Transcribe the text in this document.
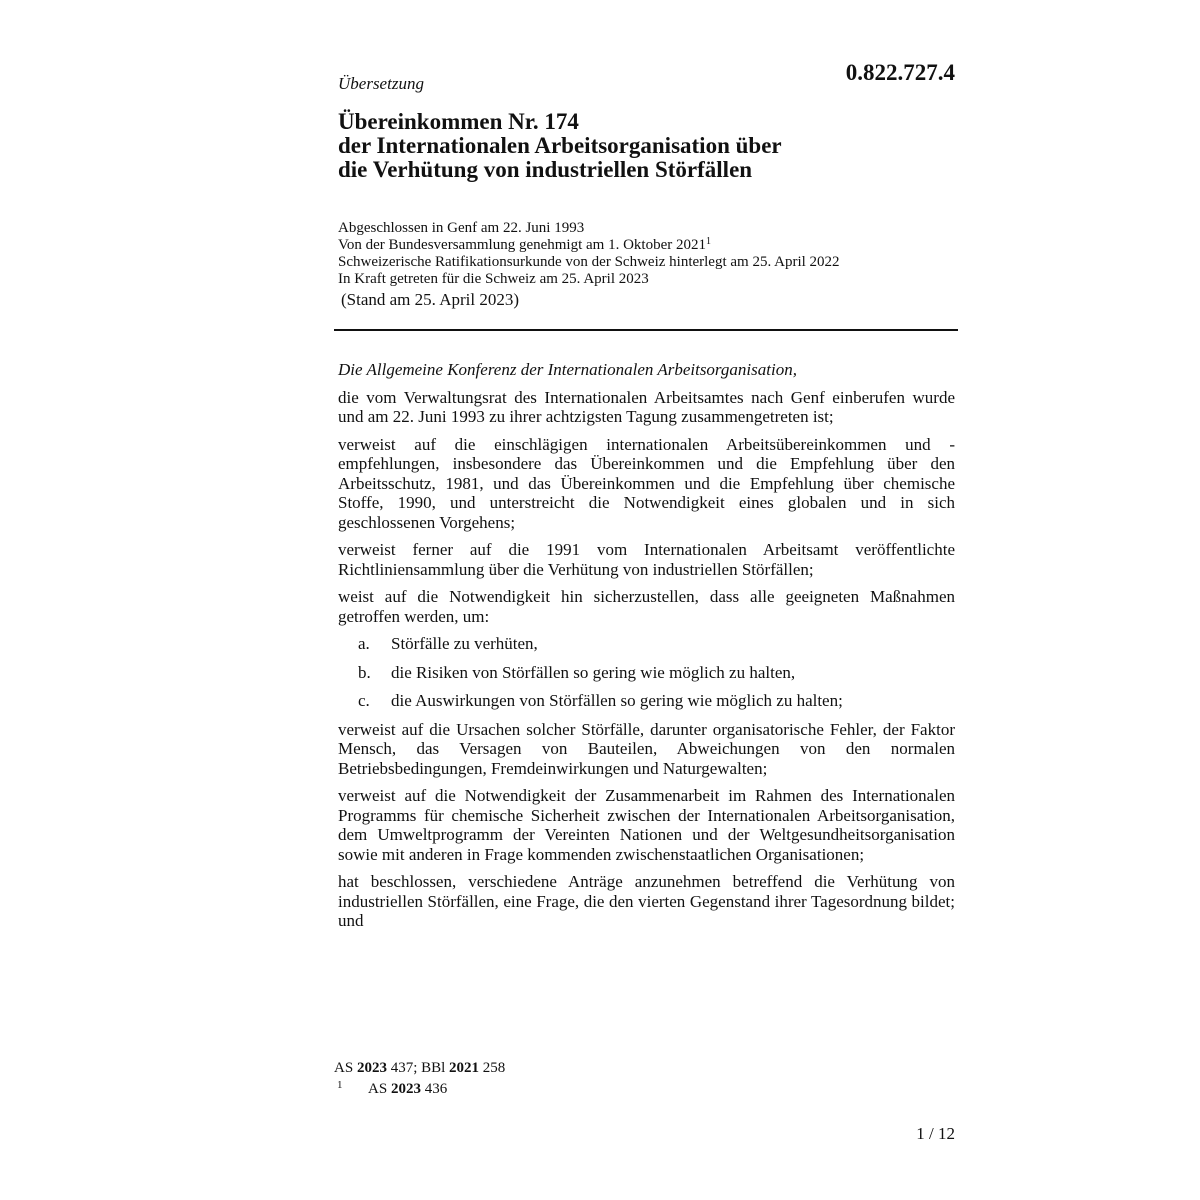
Übersetzung	0.822.727.4
Übereinkommen Nr. 174
der Internationalen Arbeitsorganisation über
die Verhütung von industriellen Störfällen
Abgeschlossen in Genf am 22. Juni 1993
Von der Bundesversammlung genehmigt am 1. Oktober 2021$^1$
Schweizerische Ratifikationsurkunde von der Schweiz hinterlegt am 25. April 2022
In Kraft getreten für die Schweiz am 25. April 2023
(Stand am 25. April 2023)
Die Allgemeine Konferenz der Internationalen Arbeitsorganisation,

die vom Verwaltungsrat des Internationalen Arbeitsamtes nach Genf einberufen wurde und am 22. Juni 1993 zu ihrer achtzigsten Tagung zusammengetreten ist;

verweist auf die einschlägigen internationalen Arbeitsübereinkommen und -empfehlungen, insbesondere das Übereinkommen und die Empfehlung über den Arbeitsschutz, 1981, und das Übereinkommen und die Empfehlung über chemische Stoffe, 1990, und unterstreicht die Notwendigkeit eines globalen und in sich geschlossenen Vorgehens;

verweist ferner auf die 1991 vom Internationalen Arbeitsamt veröffentlichte Richtliniensammlung über die Verhütung von industriellen Störfällen;

weist auf die Notwendigkeit hin sicherzustellen, dass alle geeigneten Maßnahmen getroffen werden, um:

a.	Störfälle zu verhüten,
b.	die Risiken von Störfällen so gering wie möglich zu halten,
c.	die Auswirkungen von Störfällen so gering wie möglich zu halten;

verweist auf die Ursachen solcher Störfälle, darunter organisatorische Fehler, der Faktor Mensch, das Versagen von Bauteilen, Abweichungen von den normalen Betriebsbedingungen, Fremdeinwirkungen und Naturgewalten;

verweist auf die Notwendigkeit der Zusammenarbeit im Rahmen des Internationalen Programms für chemische Sicherheit zwischen der Internationalen Arbeitsorganisation, dem Umweltprogramm der Vereinten Nationen und der Weltgesundheitsorganisation sowie mit anderen in Frage kommenden zwischenstaatlichen Organisationen;

hat beschlossen, verschiedene Anträge anzunehmen betreffend die Verhütung von industriellen Störfällen, eine Frage, die den vierten Gegenstand ihrer Tagesordnung bildet; und

AS 2023 437; BBl 2021 258
1 AS 2023 436
1 / 12
